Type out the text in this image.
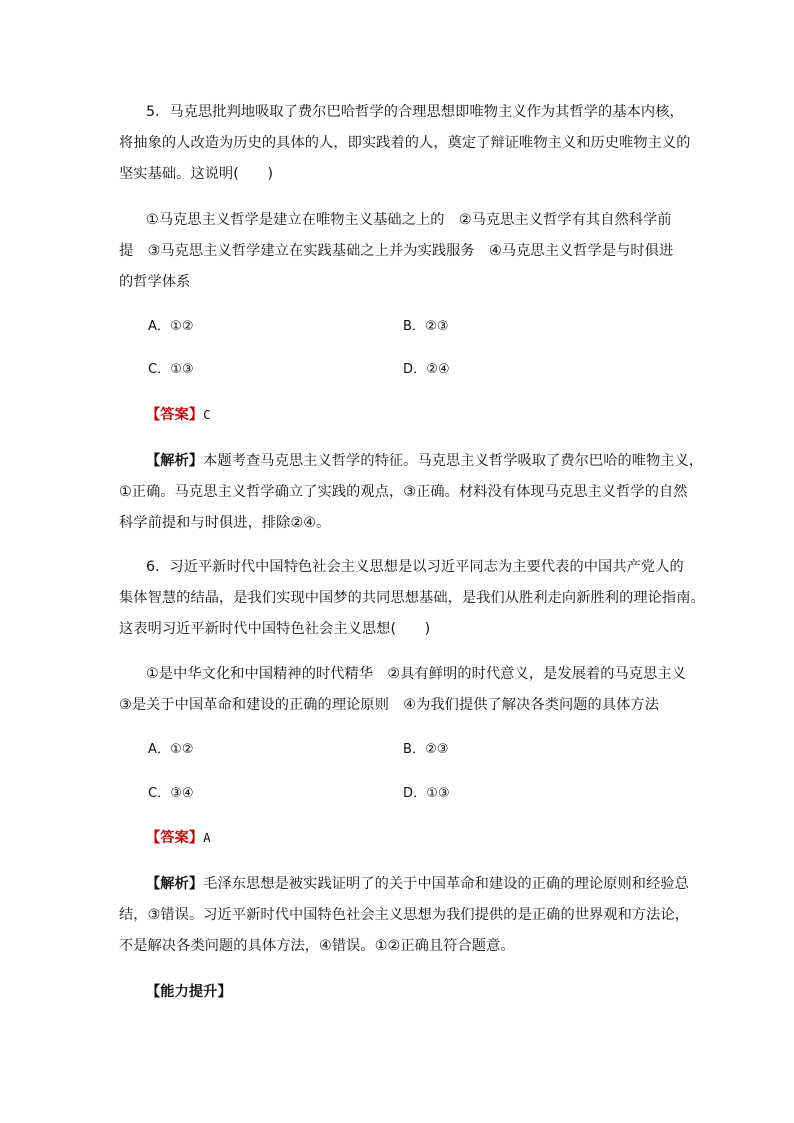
5．马克思批判地吸取了费尔巴哈哲学的合理思想即唯物主义作为其哲学的基本内核，
将抽象的人改造为历史的具体的人，即实践着的人，奠定了辩证唯物主义和历史唯物主义的
坚实基础。这说明(　　)
①马克思主义哲学是建立在唯物主义基础之上的　②马克思主义哲学有其自然科学前
提　③马克思主义哲学建立在实践基础之上并为实践服务　④马克思主义哲学是与时俱进
的哲学体系
A．①②	B．②③
C．①③	D．②④
【答案】C
【解析】本题考查马克思主义哲学的特征。马克思主义哲学吸取了费尔巴哈的唯物主义，
①正确。马克思主义哲学确立了实践的观点，③正确。材料没有体现马克思主义哲学的自然
科学前提和与时俱进，排除②④。
6．习近平新时代中国特色社会主义思想是以习近平同志为主要代表的中国共产党人的
集体智慧的结晶，是我们实现中国梦的共同思想基础，是我们从胜利走向新胜利的理论指南。
这表明习近平新时代中国特色社会主义思想(　　)
①是中华文化和中国精神的时代精华　②具有鲜明的时代意义，是发展着的马克思主义
③是关于中国革命和建设的正确的理论原则　④为我们提供了解决各类问题的具体方法
A．①②	B．②③
C．③④	D．①③
【答案】A
【解析】毛泽东思想是被实践证明了的关于中国革命和建设的正确的理论原则和经验总
结，③错误。习近平新时代中国特色社会主义思想为我们提供的是正确的世界观和方法论，
不是解决各类问题的具体方法，④错误。①②正确且符合题意。
【能力提升】
